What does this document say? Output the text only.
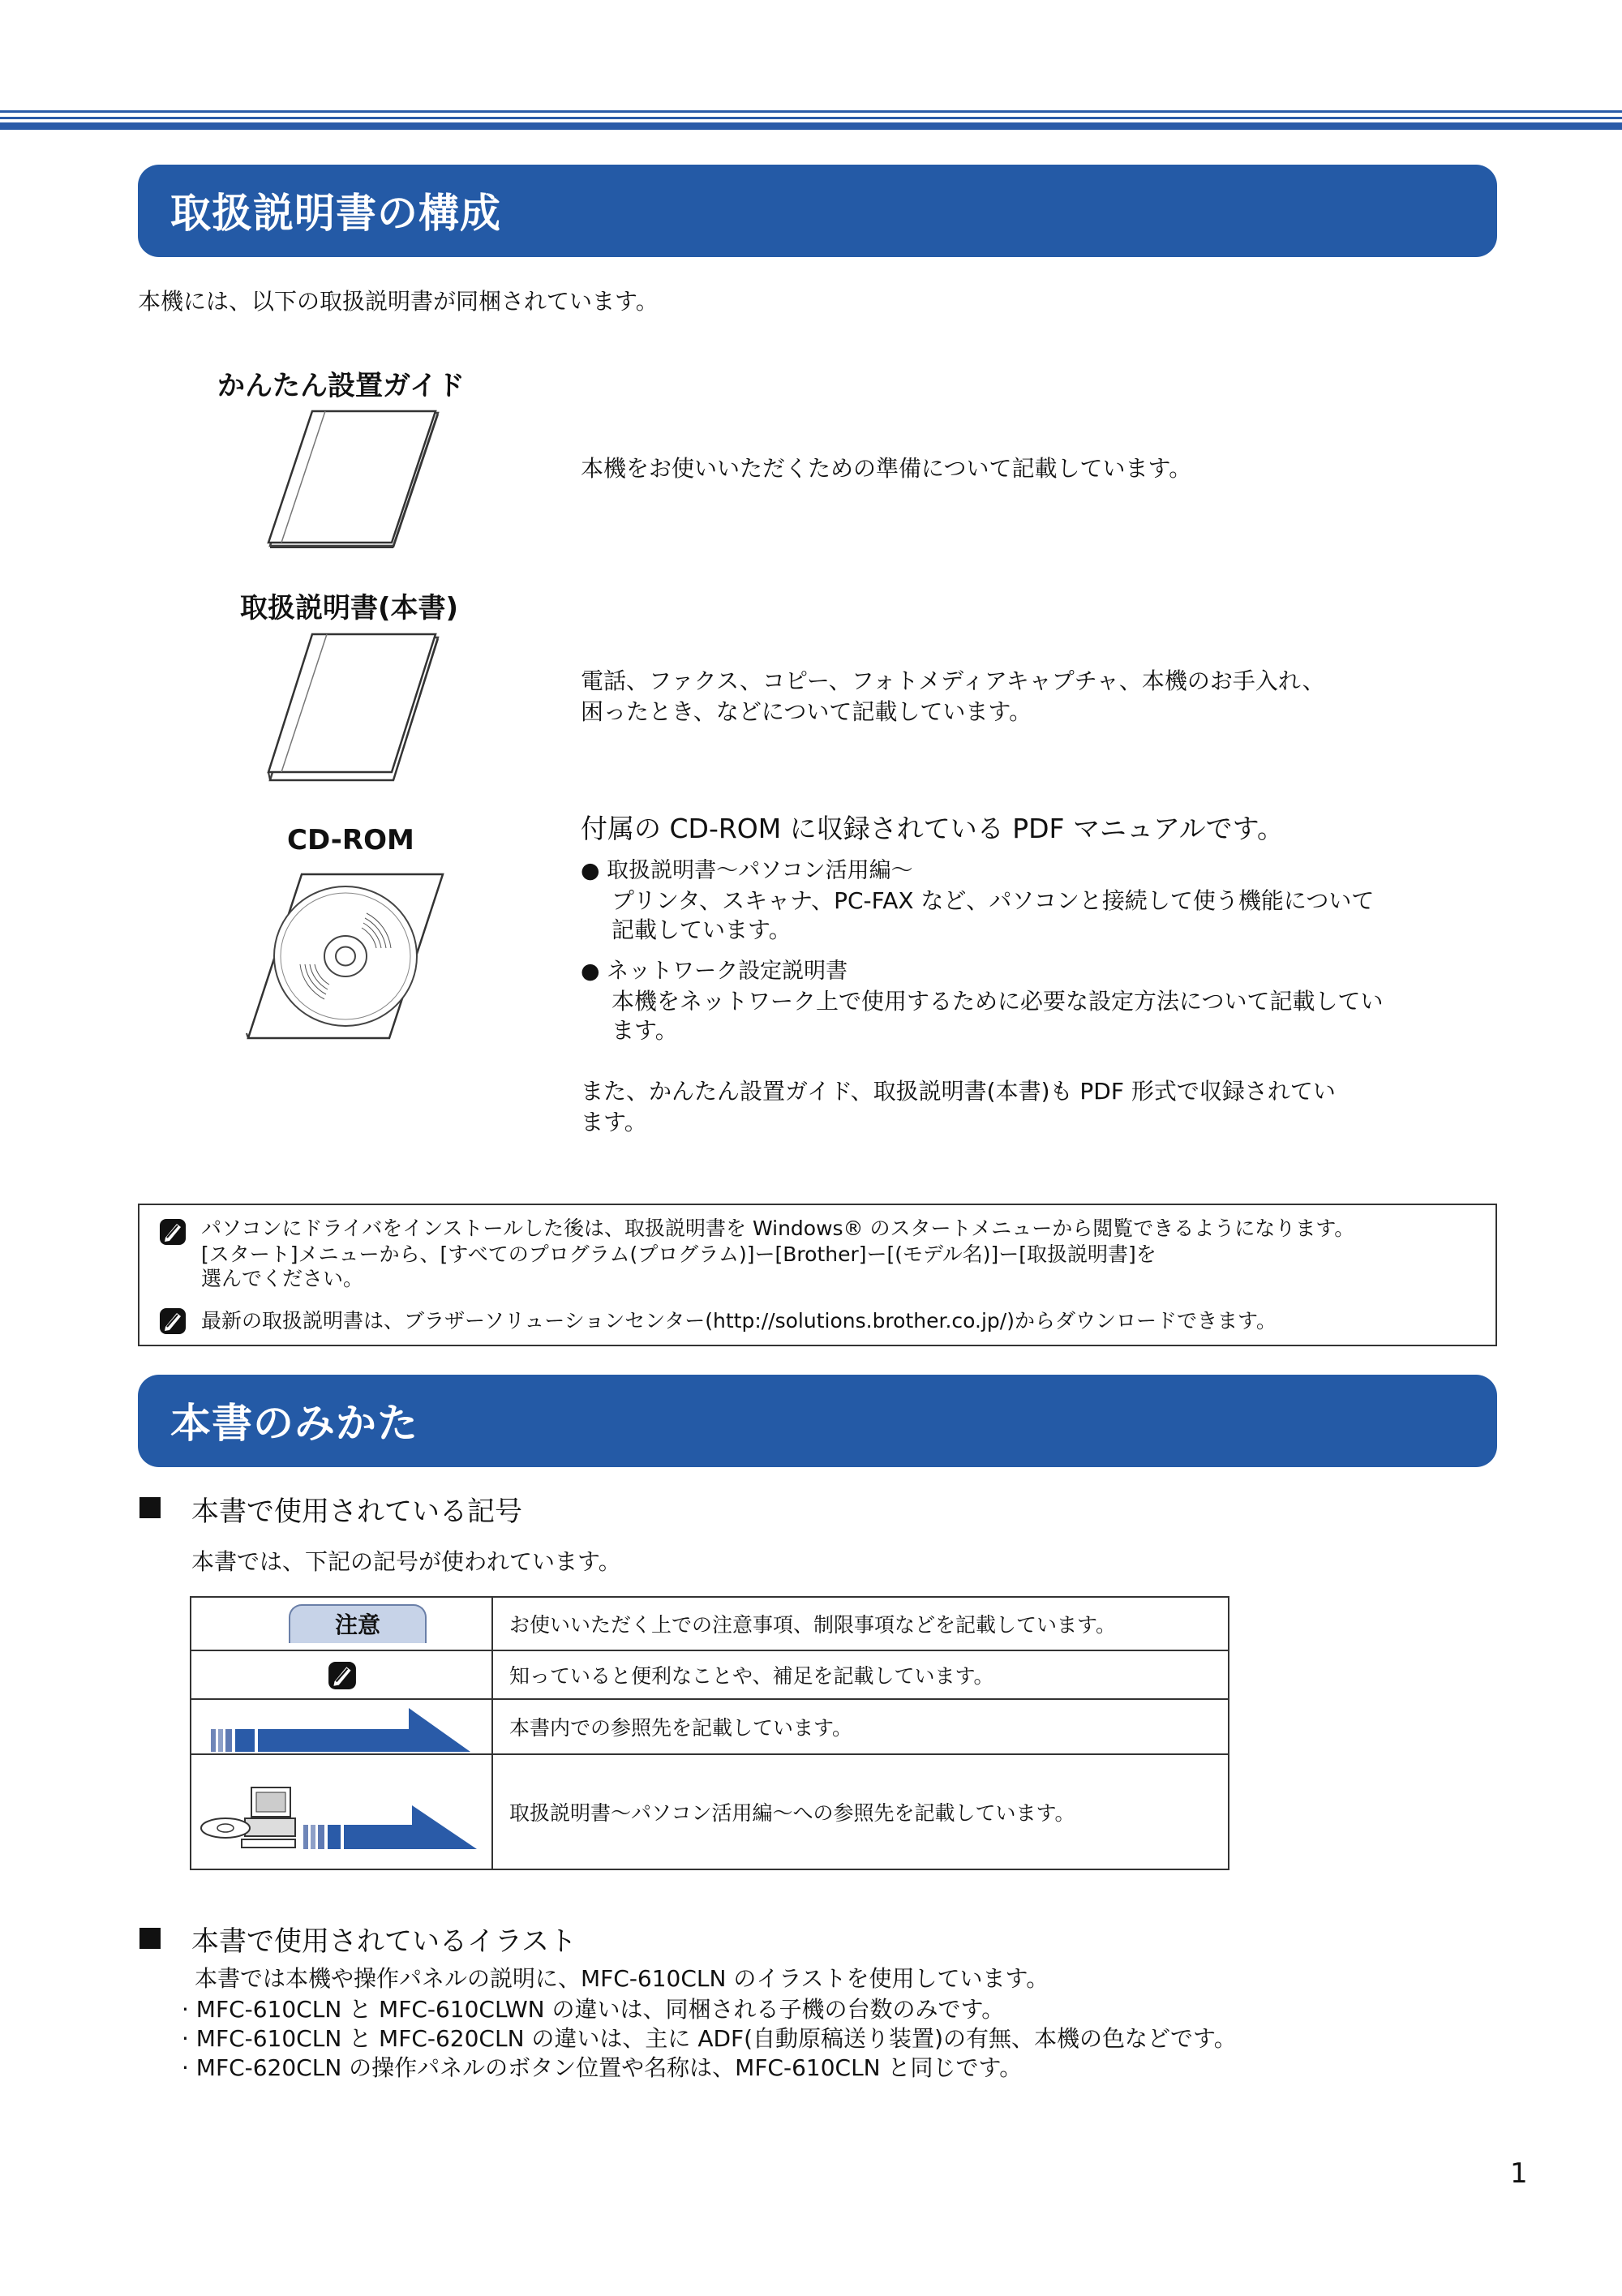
取扱説明書の構成
本機には、以下の取扱説明書が同梱されています。
かんたん設置ガイド
本機をお使いいただくための準備について記載しています。
取扱説明書(本書)
電話、ファクス、コピー、フォトメディアキャプチャ、本機のお手入れ、
困ったとき、などについて記載しています。
CD-ROM	付属の CD-ROM に収録されている PDF マニュアルです。
● 取扱説明書〜パソコン活用編〜
プリンタ、スキャナ、PC-FAX など、パソコンと接続して使う機能について
記載しています。
● ネットワーク設定説明書
本機をネットワーク上で使用するために必要な設定方法について記載してい
ます。
また、かんたん設置ガイド、取扱説明書(本書)も PDF 形式で収録されてい
ます。
パソコンにドライバをインストールした後は、取扱説明書を Windows® のスタートメニューから閲覧できるようになります。
[スタート]メニューから、[すべてのプログラム(プログラム)]ー[Brother]ー[(モデル名)]ー[取扱説明書]を
選んでください。
最新の取扱説明書は、ブラザーソリューションセンター(http://solutions.brother.co.jp/)からダウンロードできます。
本書のみかた
本書で使用されている記号
本書では、下記の記号が使われています。
注意	お使いいただく上での注意事項、制限事項などを記載しています。

	知っていると便利なことや、補足を記載しています。

	本書内での参照先を記載しています。

	取扱説明書〜パソコン活用編〜への参照先を記載しています。
本書で使用されているイラスト
本書では本機や操作パネルの説明に、MFC-610CLN のイラストを使用しています。
· MFC-610CLN と MFC-610CLWN の違いは、同梱される子機の台数のみです。
· MFC-610CLN と MFC-620CLN の違いは、主に ADF(自動原稿送り装置)の有無、本機の色などです。
· MFC-620CLN の操作パネルのボタン位置や名称は、MFC-610CLN と同じです。
1
